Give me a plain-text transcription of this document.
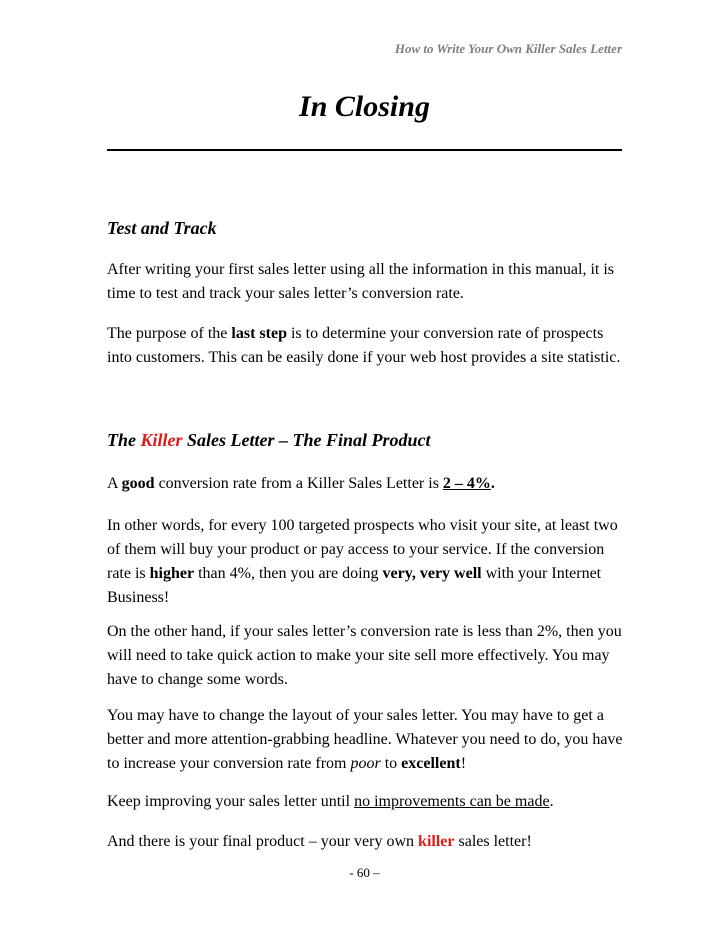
How to Write Your Own Killer Sales Letter
In Closing
Test and Track

After writing your first sales letter using all the information in this manual, it is time to test and track your sales letter’s conversion rate.

The purpose of the last step is to determine your conversion rate of prospects into customers. This can be easily done if your web host provides a site statistic.

The Killer Sales Letter – The Final Product

A good conversion rate from a Killer Sales Letter is 2 – 4%.

In other words, for every 100 targeted prospects who visit your site, at least two of them will buy your product or pay access to your service. If the conversion rate is higher than 4%, then you are doing very, very well with your Internet Business!

On the other hand, if your sales letter’s conversion rate is less than 2%, then you will need to take quick action to make your site sell more effectively. You may have to change some words.

You may have to change the layout of your sales letter. You may have to get a better and more attention-grabbing headline. Whatever you need to do, you have to increase your conversion rate from poor to excellent!

Keep improving your sales letter until no improvements can be made.

And there is your final product – your very own killer sales letter!

- 60 –
